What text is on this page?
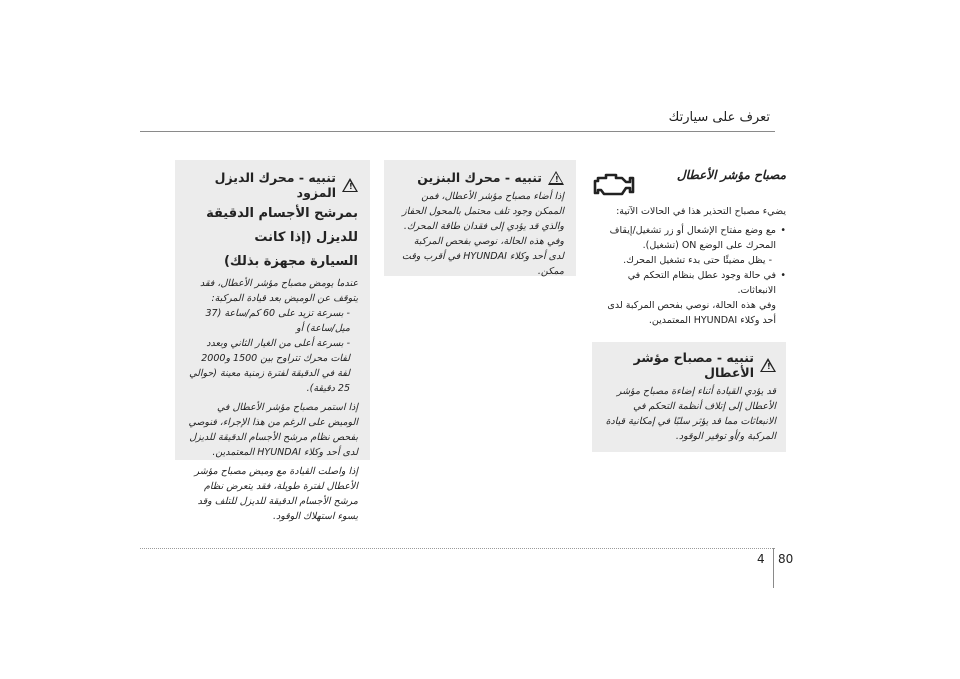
تعرف على سيارتك
مصباح مؤشر الأعطال
يضيء مصباح التحذير هذا في الحالات الآتية:
• مع وضع مفتاح الإشعال أو زر تشغيل/إيقاف المحرك على الوضع ON (تشغيل).
- يظل مضيئًا حتى بدء تشغيل المحرك.
• في حالة وجود عطل بنظام التحكم في الانبعاثات.
وفي هذه الحالة، نوصي بفحص المركبة لدى أحد وكلاء HYUNDAI المعتمدين.
!
تنبيه - مصباح مؤشر الأعطال
قد يؤدي القيادة أثناء إضاءة مصباح مؤشر الأعطال إلى إتلاف أنظمة التحكم في الانبعاثات مما قد يؤثر سلبًا في إمكانية قيادة المركبة و/أو توفير الوقود.
!
تنبيه - محرك البنزين
إذا أضاء مصباح مؤشر الأعطال، فمن الممكن وجود تلف محتمل بالمحول الحفاز والذي قد يؤدي إلى فقدان طاقة المحرك. وفي هذه الحالة، نوصي بفحص المركبة لدى أحد وكلاء HYUNDAI في أقرب وقت ممكن.
!
تنبيه - محرك الديزل المزود
بمرشح الأجسام الدقيقة
للديزل (إذا كانت
السيارة مجهزة بذلك)
عندما يومض مصباح مؤشر الأعطال، فقد يتوقف عن الوميض بعد قيادة المركبة:
- بسرعة تزيد على 60 كم/ساعة (37 ميل/ساعة) أو
- بسرعة أعلى من الغيار الثاني وبعدد لفات محرك تتراوح بين 1500 و2000 لفة في الدقيقة لفترة زمنية معينة (حوالي 25 دقيقة).
إذا استمر مصباح مؤشر الأعطال في الوميض على الرغم من هذا الإجراء، فنوصي بفحص نظام مرشح الأجسام الدقيقة للديزل لدى أحد وكلاء HYUNDAI المعتمدين.
إذا واصلت القيادة مع وميض مصباح مؤشر الأعطال لفترة طويلة، فقد يتعرض نظام مرشح الأجسام الدقيقة للديزل للتلف وقد يسوء استهلاك الوقود.
4 80
